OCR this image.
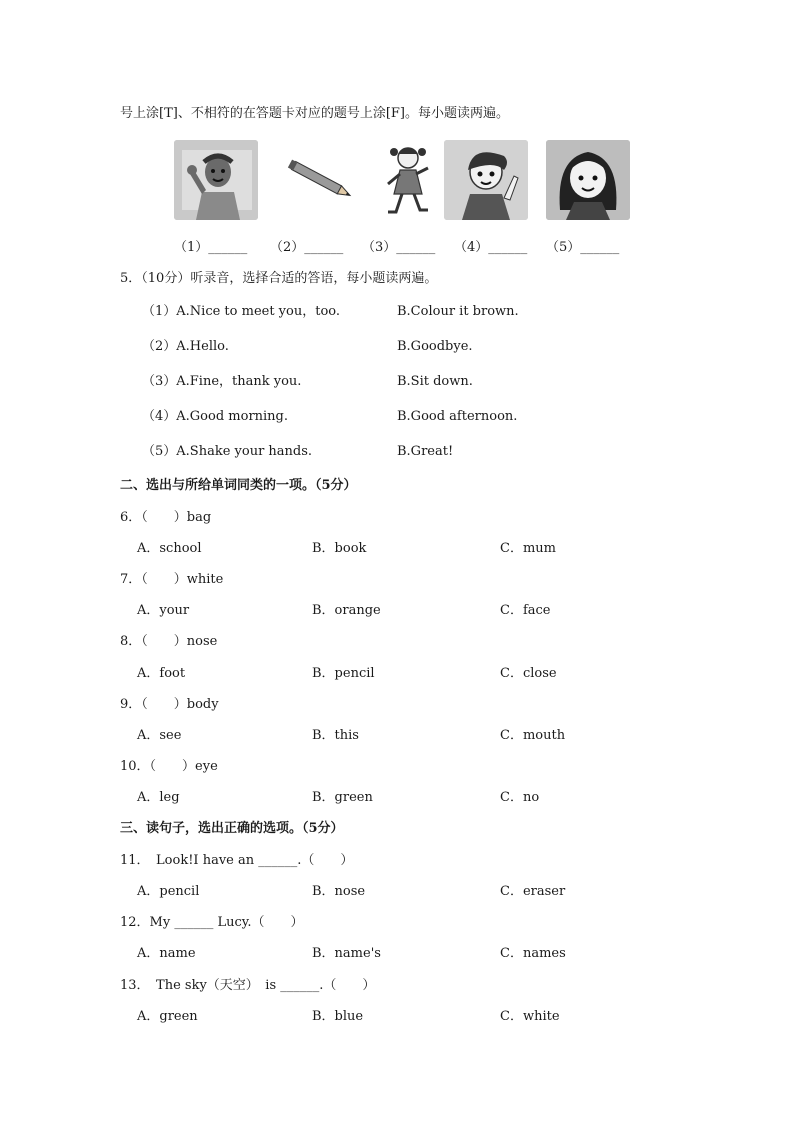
号上涂[T]、不相符的在答题卡对应的题号上涂[F]。每小题读两遍。
（1）______ （2）______ （3）______ （4）______ （5）______
5．（10分）听录音，选择合适的答语，每小题读两遍。
（1）A.Nice to meet you，too.	B.Colour it brown.
（2）A.Hello.	B.Goodbye.
（3）A.Fine，thank you.	B.Sit down.
（4）A.Good morning.	B.Good afternoon.
（5）A.Shake your hands.	B.Great!
二、选出与所给单词同类的一项。（5分）
6．（　　）bag
A．school	B．book	C．mum
7．（　　）white
A．your	B．orange	C．face
8．（　　）nose
A．foot	B．pencil	C．close
9．（　　）body
A．see	B．this	C．mouth
10．（　　）eye
A．leg	B．green	C．no
三、读句子，选出正确的选项。（5分）
11．　Look!I have an ______.（　　）
A．pencil	B．nose	C．eraser
12．My ______ Lucy.（　　）
A．name	B．name's	C．names
13．　The sky（天空）　is ______.（　　）
A．green	B．blue	C．white
